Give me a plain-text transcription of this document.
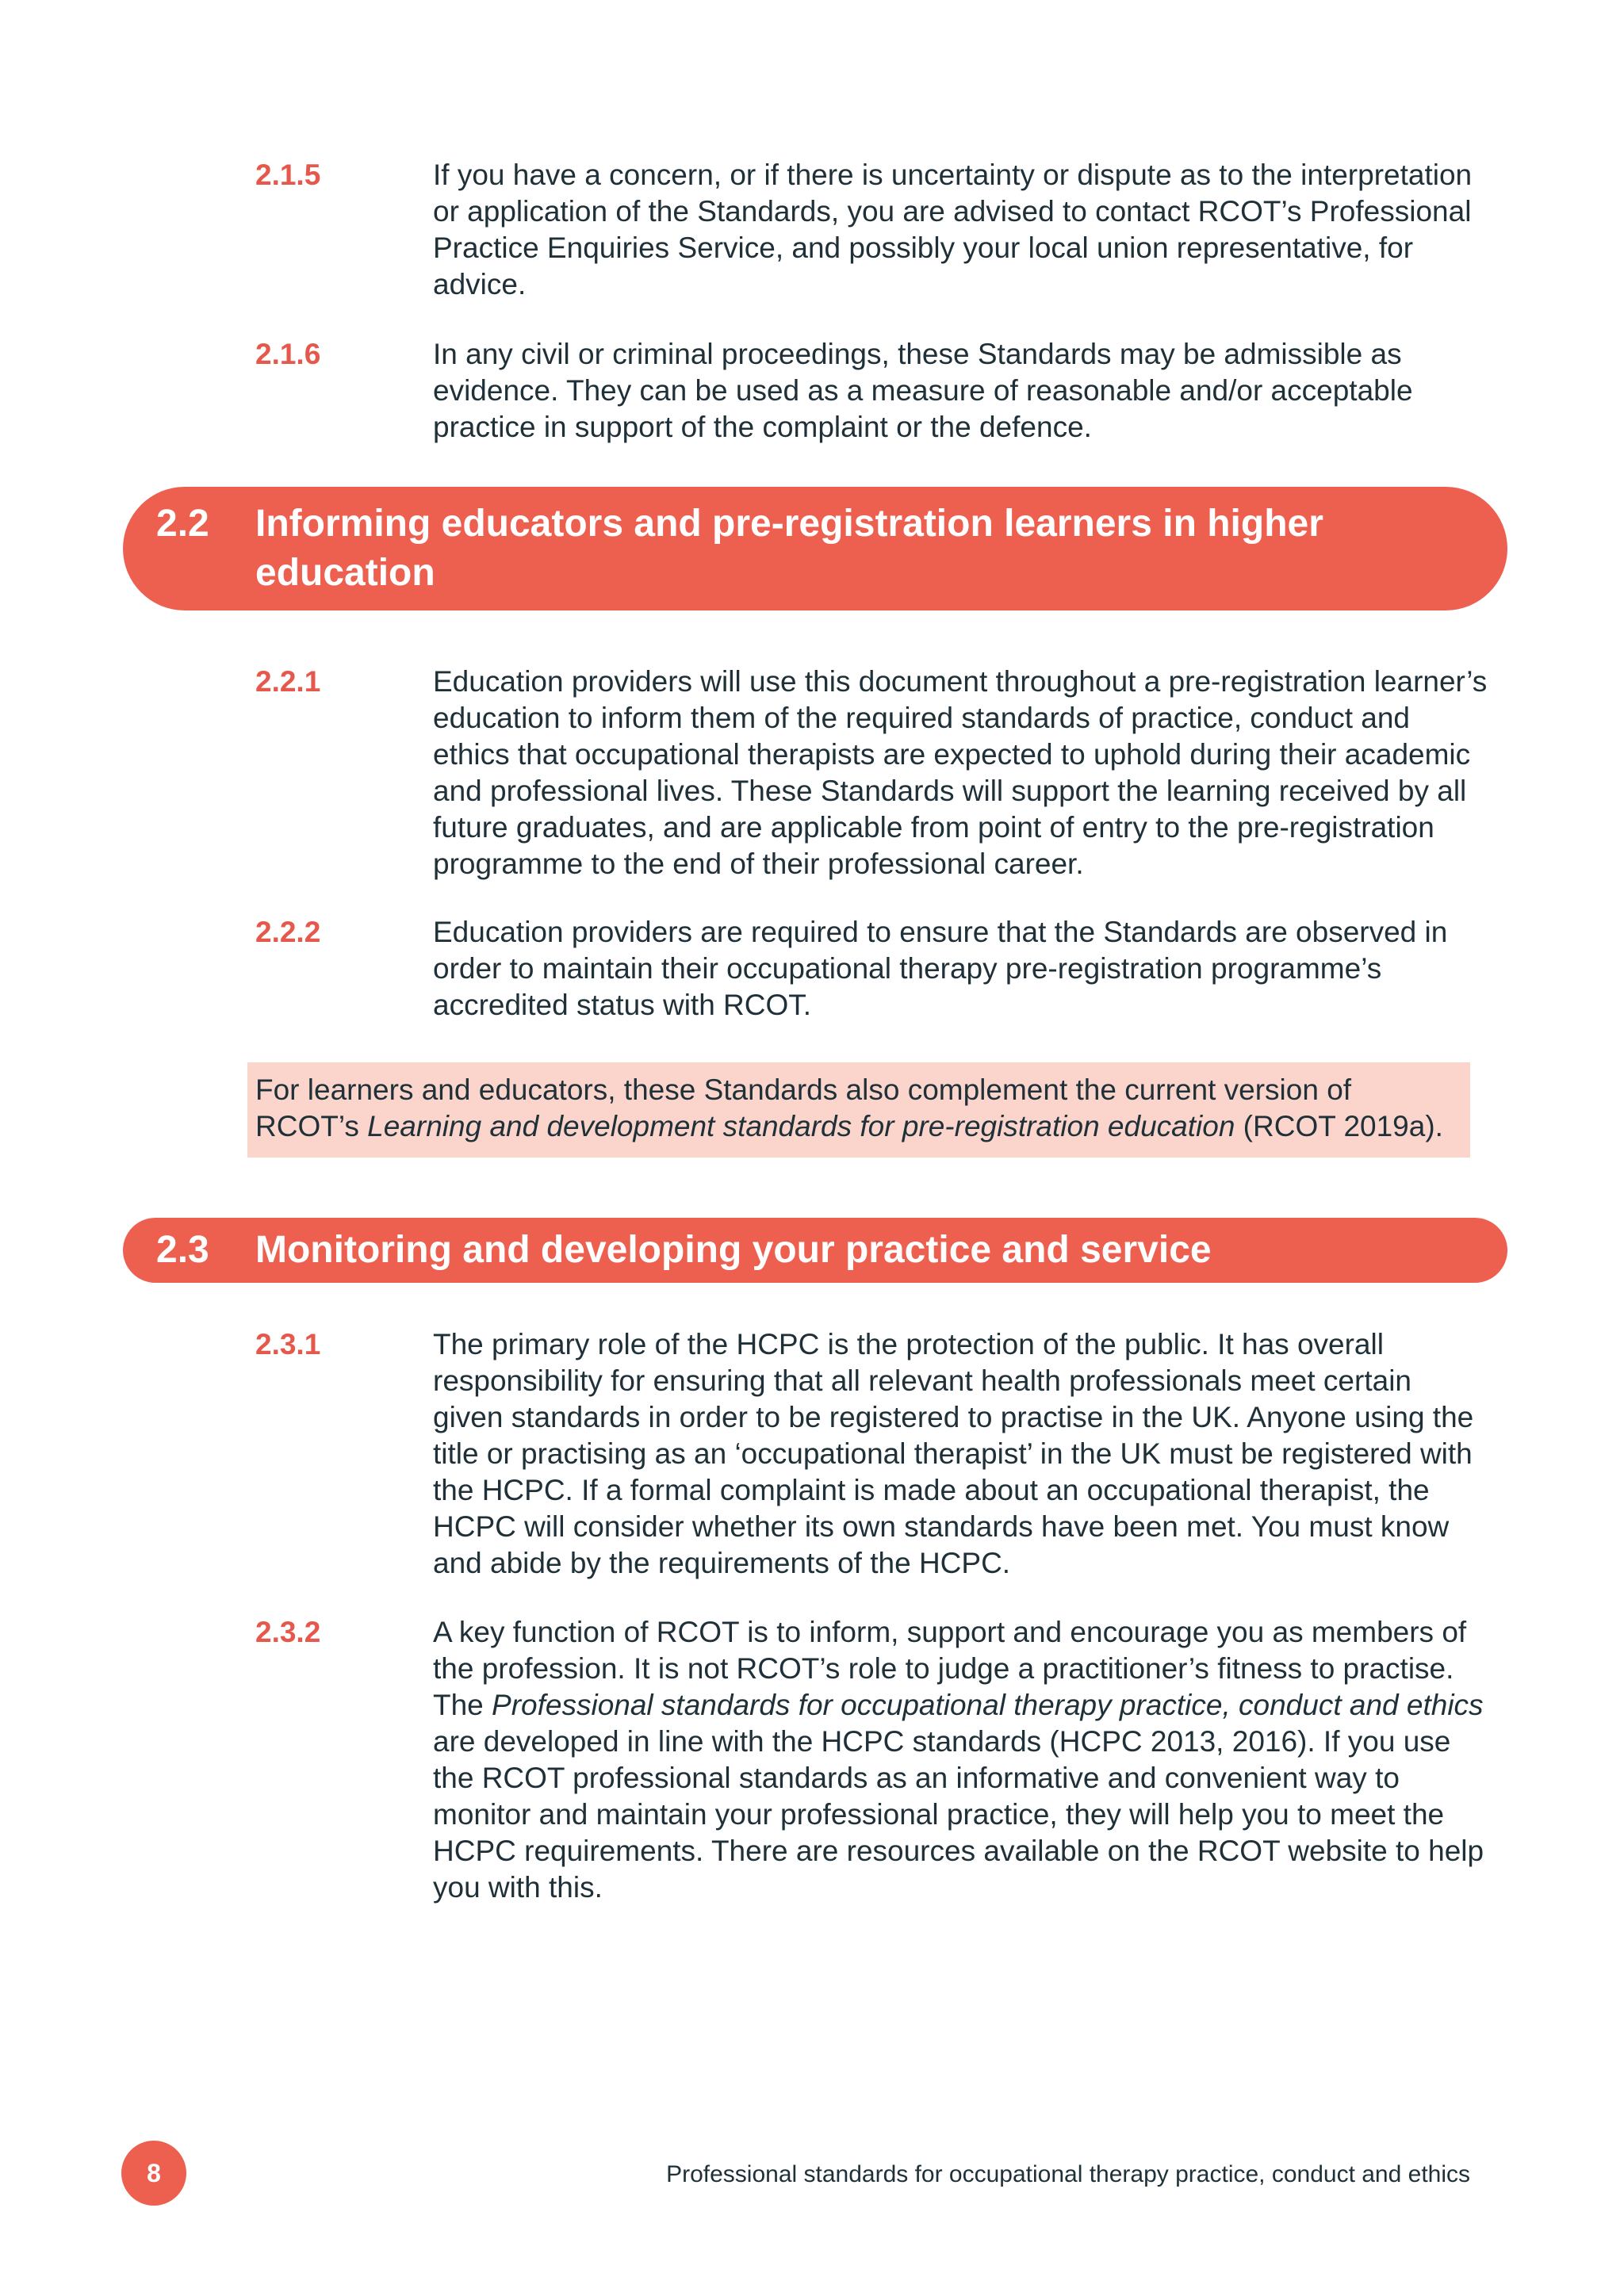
2.1.5	If you have a concern, or if there is uncertainty or dispute as to the interpretation or application of the Standards, you are advised to contact RCOT’s Professional Practice Enquiries Service, and possibly your local union representative, for advice.
2.1.6	In any civil or criminal proceedings, these Standards may be admissible as evidence. They can be used as a measure of reasonable and/or acceptable practice in support of the complaint or the defence.
2.2 Informing educators and pre-registration learners in higher education
2.2.1	Education providers will use this document throughout a pre-registration learner’s education to inform them of the required standards of practice, conduct and ethics that occupational therapists are expected to uphold during their academic and professional lives. These Standards will support the learning received by all future graduates, and are applicable from point of entry to the pre-registration programme to the end of their professional career.
2.2.2	Education providers are required to ensure that the Standards are observed in order to maintain their occupational therapy pre-registration programme’s accredited status with RCOT.
For learners and educators, these Standards also complement the current version of RCOT’s Learning and development standards for pre-registration education (RCOT 2019a).
2.3 Monitoring and developing your practice and service
2.3.1	The primary role of the HCPC is the protection of the public. It has overall responsibility for ensuring that all relevant health professionals meet certain given standards in order to be registered to practise in the UK. Anyone using the title or practising as an ‘occupational therapist’ in the UK must be registered with the HCPC. If a formal complaint is made about an occupational therapist, the HCPC will consider whether its own standards have been met. You must know and abide by the requirements of the HCPC.
2.3.2	A key function of RCOT is to inform, support and encourage you as members of the profession. It is not RCOT’s role to judge a practitioner’s fitness to practise. The Professional standards for occupational therapy practice, conduct and ethics are developed in line with the HCPC standards (HCPC 2013, 2016). If you use the RCOT professional standards as an informative and convenient way to monitor and maintain your professional practice, they will help you to meet the HCPC requirements. There are resources available on the RCOT website to help you with this.
8	Professional standards for occupational therapy practice, conduct and ethics
